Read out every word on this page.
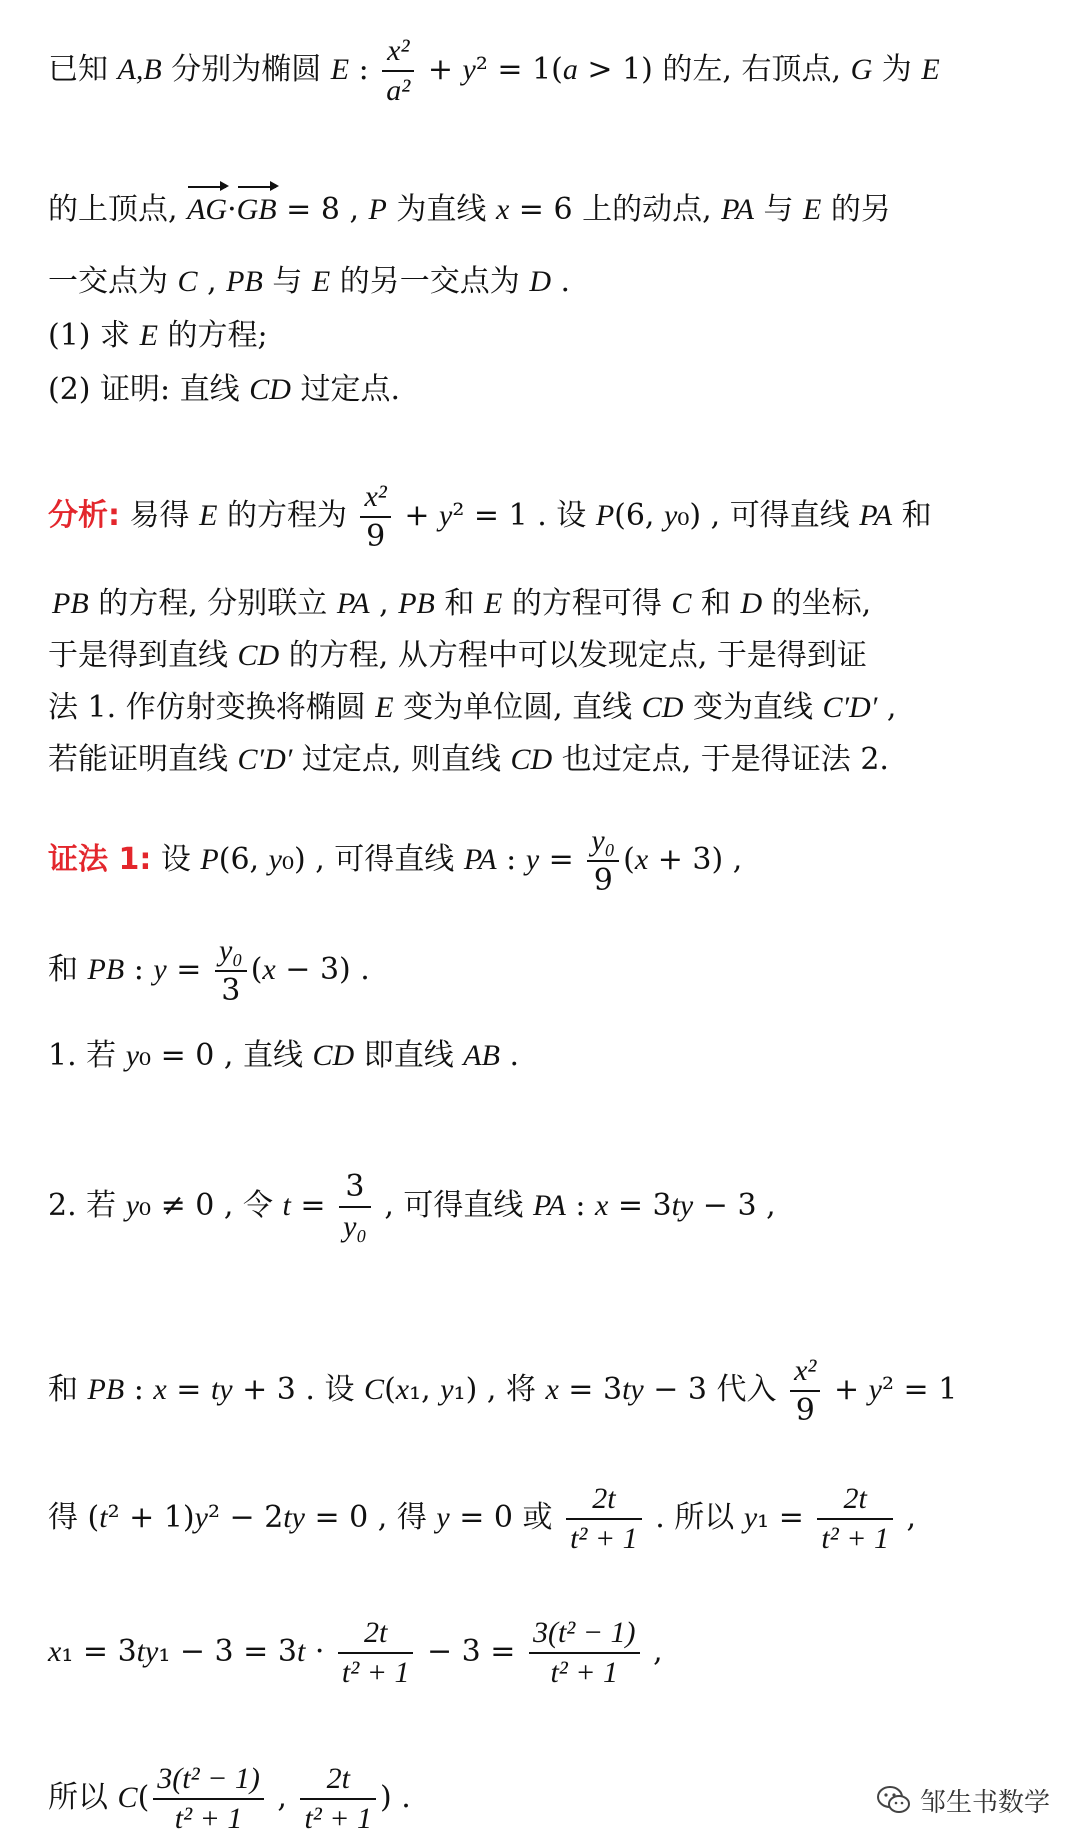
已知 A,B 分别为椭圆 E : $\frac{\text{x²}}{\text{a²}} + y^2 = 1(a > 1)$ 的左, 右顶点, G 为 E
的上顶点, AG·GB = 8 , P 为直线 x = 6 上的动点, PA 与 E 的另
一交点为 C , PB 与 E 的另一交点为 D .
(1) 求 E 的方程;
(2) 证明: 直线 CD 过定点.
分析: 易得 E 的方程为 $\frac{\text{x²}}{9} + y^2 = 1$ . 设 P(6, y₀) , 可得直线 PA 和
PB 的方程, 分别联立 PA , PB 和 E 的方程可得 C 和 D 的坐标,
于是得到直线 CD 的方程, 从方程中可以发现定点, 于是得到证
法 1. 作仿射变换将椭圆 E 变为单位圆, 直线 CD 变为直线 C′D′ ,
若能证明直线 C′D′ 过定点, 则直线 CD 也过定点, 于是得证法 2.
证法 1: 设 P(6, y₀) , 可得直线 PA : $y = \frac{\text{y₀}}{9} (x + 3)$ ,
和 PB : $y = \frac{\text{y₀}}{3} (x - 3)$ .
1. 若 y₀ = 0 , 直线 CD 即直线 AB .
2. 若 y₀ ≠ 0 , 令 $t = \frac{3}{\text{y₀}}$ , 可得直线 PA : x = 3ty − 3 ,
和 PB : x = ty + 3 . 设 C(x₁, y₁) , 将 x = 3ty − 3 代入 $\frac{\text{x²}}{9} + y^2 = 1$
得 (t² + 1)y² − 2ty = 0 , 得 y = 0 或 $\frac{2t}{\text{t² + 1}}$ . 所以 $y_1 = \frac{2t}{\text{t² + 1}}$ ,
$x_1 = 3ty_1 - 3 = 3t \cdot \frac{2t}{\text{t² + 1}} - 3 = \frac{\text{3(t² − 1)}}{\text{t² + 1}}$ ,
所以 $C( \frac{\text{3(t² − 1)}}{\text{t² + 1}}$ , $\frac{2t}{\text{t² + 1}}$ ) .	邹生书数学
